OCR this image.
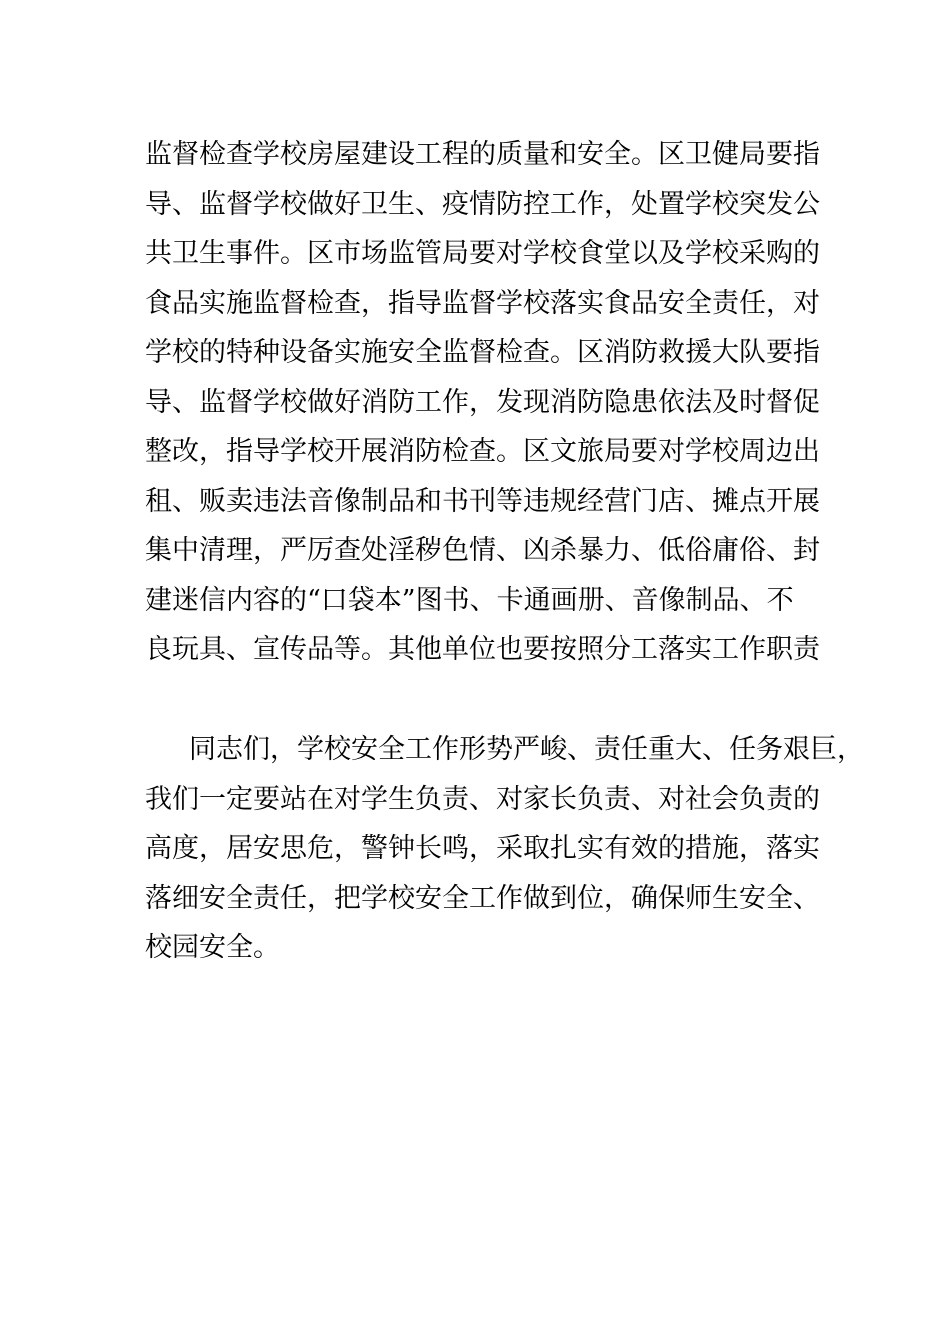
监督检查学校房屋建设工程的质量和安全。区卫健局要指
导、监督学校做好卫生、疫情防控工作，处置学校突发公
共卫生事件。区市场监管局要对学校食堂以及学校采购的
食品实施监督检查，指导监督学校落实食品安全责任，对
学校的特种设备实施安全监督检查。区消防救援大队要指
导、监督学校做好消防工作，发现消防隐患依法及时督促
整改，指导学校开展消防检查。区文旅局要对学校周边出
租、贩卖违法音像制品和书刊等违规经营门店、摊点开展
集中清理，严厉查处淫秽色情、凶杀暴力、低俗庸俗、封
建迷信内容的“口袋本”图书、卡通画册、音像制品、不
良玩具、宣传品等。其他单位也要按照分工落实工作职责
同志们，学校安全工作形势严峻、责任重大、任务艰巨，
我们一定要站在对学生负责、对家长负责、对社会负责的
高度，居安思危，警钟长鸣，采取扎实有效的措施，落实
落细安全责任，把学校安全工作做到位，确保师生安全、
校园安全。
